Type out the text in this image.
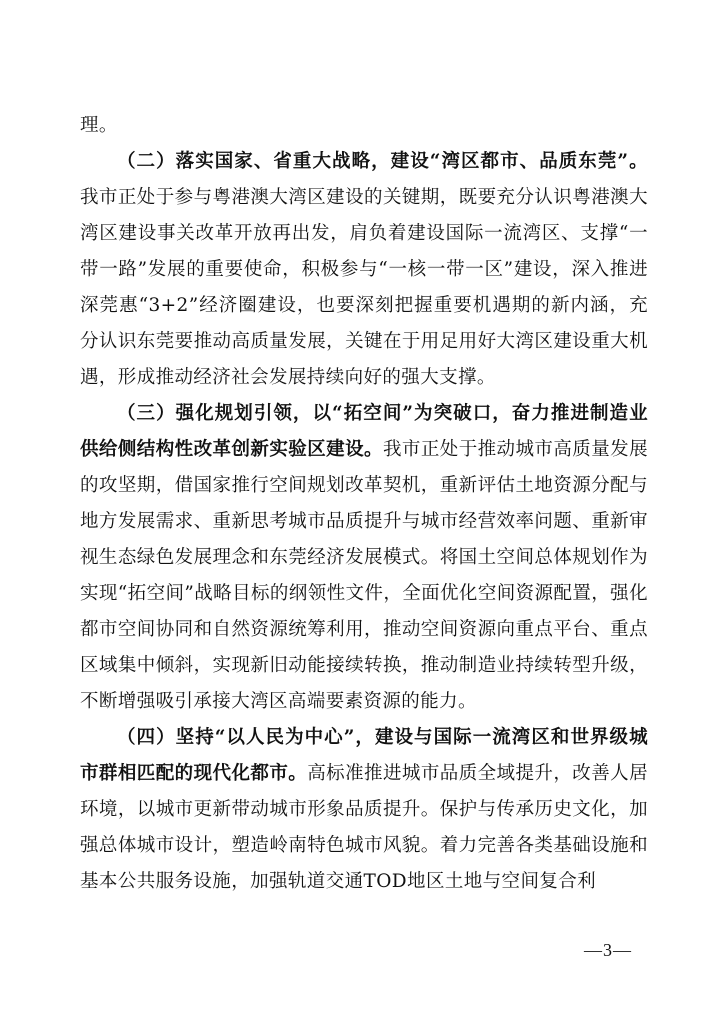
理。

（二）落实国家、省重大战略，建设“湾区都市、品质东莞”。我市正处于参与粤港澳大湾区建设的关键期，既要充分认识粤港澳大湾区建设事关改革开放再出发，肩负着建设国际一流湾区、支撑“一带一路”发展的重要使命，积极参与“一核一带一区”建设，深入推进深莞惠“3+2”经济圈建设，也要深刻把握重要机遇期的新内涵，充分认识东莞要推动高质量发展，关键在于用足用好大湾区建设重大机遇，形成推动经济社会发展持续向好的强大支撑。

（三）强化规划引领，以“拓空间”为突破口，奋力推进制造业供给侧结构性改革创新实验区建设。我市正处于推动城市高质量发展的攻坚期，借国家推行空间规划改革契机，重新评估土地资源分配与地方发展需求、重新思考城市品质提升与城市经营效率问题、重新审视生态绿色发展理念和东莞经济发展模式。将国土空间总体规划作为实现“拓空间”战略目标的纲领性文件，全面优化空间资源配置，强化都市空间协同和自然资源统筹利用，推动空间资源向重点平台、重点区域集中倾斜，实现新旧动能接续转换，推动制造业持续转型升级，不断增强吸引承接大湾区高端要素资源的能力。

（四）坚持“以人民为中心”，建设与国际一流湾区和世界级城市群相匹配的现代化都市。高标准推进城市品质全域提升，改善人居环境，以城市更新带动城市形象品质提升。保护与传承历史文化，加强总体城市设计，塑造岭南特色城市风貌。着力完善各类基础设施和基本公共服务设施，加强轨道交通TOD地区土地与空间复合利

—3—
